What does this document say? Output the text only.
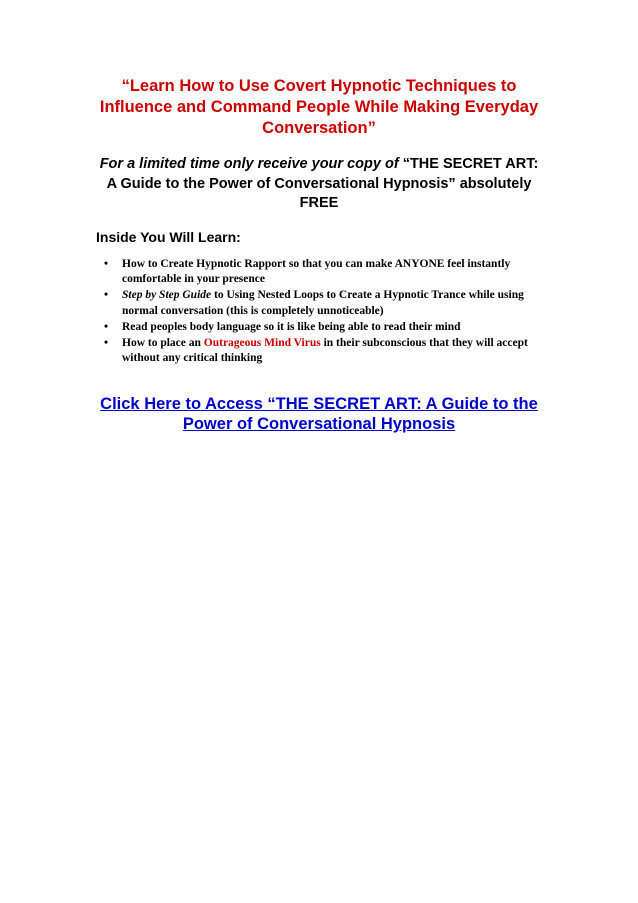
“Learn How to Use Covert Hypnotic Techniques to Influence and Command People While Making Everyday Conversation”

For a limited time only receive your copy of “THE SECRET ART: A Guide to the Power of Conversational Hypnosis” absolutely FREE

Inside You Will Learn:

• How to Create Hypnotic Rapport so that you can make ANYONE feel instantly comfortable in your presence
• Step by Step Guide to Using Nested Loops to Create a Hypnotic Trance while using normal conversation (this is completely unnoticeable)
• Read peoples body language so it is like being able to read their mind
• How to place an Outrageous Mind Virus in their subconscious that they will accept without any critical thinking

Click Here to Access “THE SECRET ART: A Guide to the Power of Conversational Hypnosis
